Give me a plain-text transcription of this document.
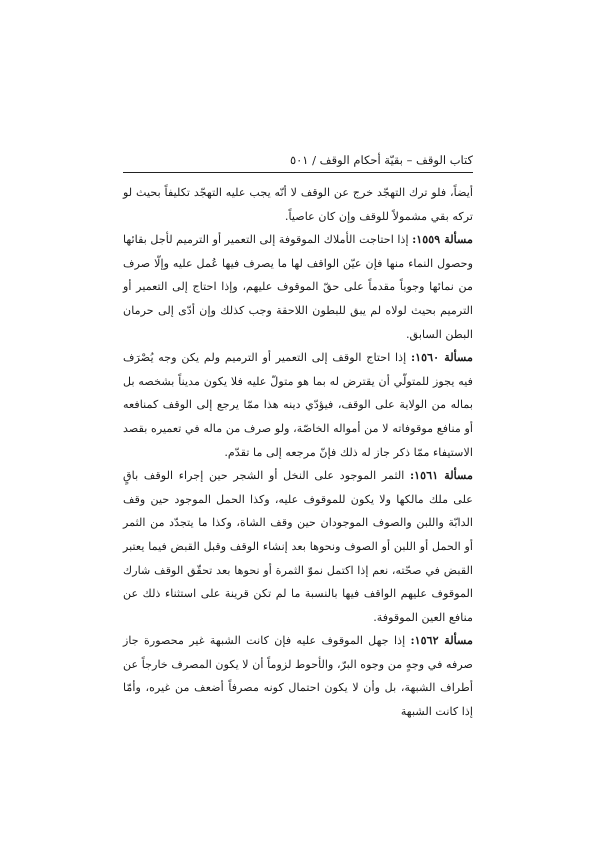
كتاب الوقف – بقيّة أحكام الوقف / ٥٠١

أيضاً، فلو ترك التهجّد خرج عن الوقف لا أنّه يجب عليه التهجّد تكليفاً بحيث لو تركه بقي مشمولاً للوقف وإن كان عاصياً.

مسألة ١٥٥٩: إذا احتاجت الأملاك الموقوفة إلى التعمير أو الترميم لأجل بقائها وحصول النماء منها فإن عيّن الواقف لها ما يصرف فيها عُمل عليه وإلّا صرف من نمائها وجوباً مقدماً على حقّ الموقوف عليهم، وإذا احتاج إلى التعمير أو الترميم بحيث لولاه لم يبق للبطون اللاحقة وجب كذلك وإن أدّى إلى حرمان البطن السابق.

مسألة ١٥٦٠: إذا احتاج الوقف إلى التعمير أو الترميم ولم يكن وجه يُصْرَف فيه يجوز للمتولّي أن يقترض له بما هو متولّ عليه فلا يكون مديناً بشخصه بل بماله من الولاية على الوقف، فيؤدّي دينه هذا ممّا يرجع إلى الوقف كمنافعه أو منافع موقوفاته لا من أمواله الخاصّة، ولو صرف من ماله في تعميره بقصد الاستيفاء ممّا ذكر جاز له ذلك فإنّ مرجعه إلى ما تقدّم.

مسألة ١٥٦١: الثمر الموجود على النخل أو الشجر حين إجراء الوقف باقٍ على ملك مالكها ولا يكون للموقوف عليه، وكذا الحمل الموجود حين وقف الدابّة واللبن والصوف الموجودان حين وقف الشاة، وكذا ما يتجدّد من الثمر أو الحمل أو اللبن أو الصوف ونحوها بعد إنشاء الوقف وقبل القبض فيما يعتبر القبض في صحّته، نعم إذا اكتمل نموّ الثمرة أو نحوها بعد تحقّق الوقف شارك الموقوف عليهم الواقف فيها بالنسبة ما لم تكن قرينة على استثناء ذلك عن منافع العين الموقوفة.

مسألة ١٥٦٢: إذا جهل الموقوف عليه فإن كانت الشبهة غير محصورة جاز صرفه في وجهٍ من وجوه البرّ، والأحوط لزوماً أن لا يكون المصرف خارجاً عن أطراف الشبهة، بل وأن لا يكون احتمال كونه مصرفاً أضعف من غيره، وأمّا إذا كانت الشبهة
